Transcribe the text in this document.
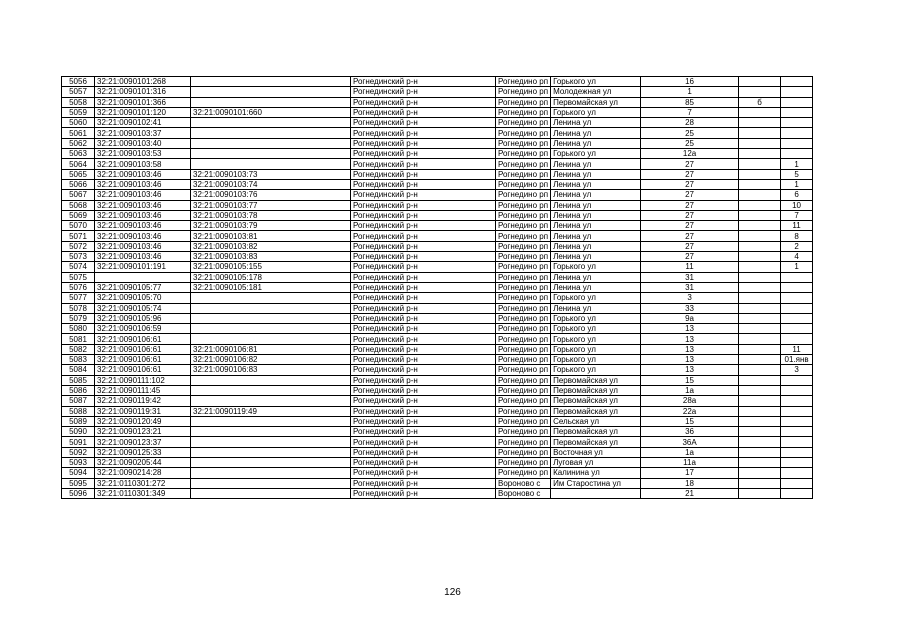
5056	32:21:0090101:268		Рогнединский р-н	Рогнедино рп	Горького ул	16		
5057	32:21:0090101:316		Рогнединский р-н	Рогнедино рп	Молодежная ул	1		
5058	32:21:0090101:366		Рогнединский р-н	Рогнедино рп	Первомайская ул	85	б	
5059	32:21:0090101:120	32:21:0090101:660	Рогнединский р-н	Рогнедино рп	Горького ул	7		
5060	32:21:0090102:41		Рогнединский р-н	Рогнедино рп	Ленина ул	28		
5061	32:21:0090103:37		Рогнединский р-н	Рогнедино рп	Ленина ул	25		
5062	32:21:0090103:40		Рогнединский р-н	Рогнедино рп	Ленина ул	25		
5063	32:21:0090103:53		Рогнединский р-н	Рогнедино рп	Горького ул	12а		
5064	32:21:0090103:58		Рогнединский р-н	Рогнедино рп	Ленина ул	27		1
5065	32:21:0090103:46	32:21:0090103:73	Рогнединский р-н	Рогнедино рп	Ленина ул	27		5
5066	32:21:0090103:46	32:21:0090103:74	Рогнединский р-н	Рогнедино рп	Ленина ул	27		1
5067	32:21:0090103:46	32:21:0090103:76	Рогнединский р-н	Рогнедино рп	Ленина ул	27		6
5068	32:21:0090103:46	32:21:0090103:77	Рогнединский р-н	Рогнедино рп	Ленина ул	27		10
5069	32:21:0090103:46	32:21:0090103:78	Рогнединский р-н	Рогнедино рп	Ленина ул	27		7
5070	32:21:0090103:46	32:21:0090103:79	Рогнединский р-н	Рогнедино рп	Ленина ул	27		11
5071	32:21:0090103:46	32:21:0090103:81	Рогнединский р-н	Рогнедино рп	Ленина ул	27		8
5072	32:21:0090103:46	32:21:0090103:82	Рогнединский р-н	Рогнедино рп	Ленина ул	27		2
5073	32:21:0090103:46	32:21:0090103:83	Рогнединский р-н	Рогнедино рп	Ленина ул	27		4
5074	32:21:0090101:191	32:21:0090105:155	Рогнединский р-н	Рогнедино рп	Горького ул	11		1
5075		32:21:0090105:178	Рогнединский р-н	Рогнедино рп	Ленина ул	31		
5076	32:21:0090105:77	32:21:0090105:181	Рогнединский р-н	Рогнедино рп	Ленина ул	31		
5077	32:21:0090105:70		Рогнединский р-н	Рогнедино рп	Горького ул	3		
5078	32:21:0090105:74		Рогнединский р-н	Рогнедино рп	Ленина ул	33		
5079	32:21:0090105:96		Рогнединский р-н	Рогнедино рп	Горького ул	9а		
5080	32:21:0090106:59		Рогнединский р-н	Рогнедино рп	Горького ул	13		
5081	32:21:0090106:61		Рогнединский р-н	Рогнедино рп	Горького ул	13		
5082	32:21:0090106:61	32:21:0090106:81	Рогнединский р-н	Рогнедино рп	Горького ул	13		11
5083	32:21:0090106:61	32:21:0090106:82	Рогнединский р-н	Рогнедино рп	Горького ул	13		01.янв
5084	32:21:0090106:61	32:21:0090106:83	Рогнединский р-н	Рогнедино рп	Горького ул	13		3
5085	32:21:0090111:102		Рогнединский р-н	Рогнедино рп	Первомайская ул	15		
5086	32:21:0090111:45		Рогнединский р-н	Рогнедино рп	Первомайская ул	1а		
5087	32:21:0090119:42		Рогнединский р-н	Рогнедино рп	Первомайская ул	28а		
5088	32:21:0090119:31	32:21:0090119:49	Рогнединский р-н	Рогнедино рп	Первомайская ул	22а		
5089	32:21:0090120:49		Рогнединский р-н	Рогнедино рп	Сельская ул	15		
5090	32:21:0090123:21		Рогнединский р-н	Рогнедино рп	Первомайская ул	36		
5091	32:21:0090123:37		Рогнединский р-н	Рогнедино рп	Первомайская ул	36А		
5092	32:21:0090125:33		Рогнединский р-н	Рогнедино рп	Восточная ул	1а		
5093	32:21:0090205:44		Рогнединский р-н	Рогнедино рп	Луговая ул	11а		
5094	32:21:0090214:28		Рогнединский р-н	Рогнедино рп	Калинина ул	17		
5095	32:21:0110301:272		Рогнединский р-н	Вороново с	Им Старостина ул	18		
5096	32:21:0110301:349		Рогнединский р-н	Вороново с		21		
126
